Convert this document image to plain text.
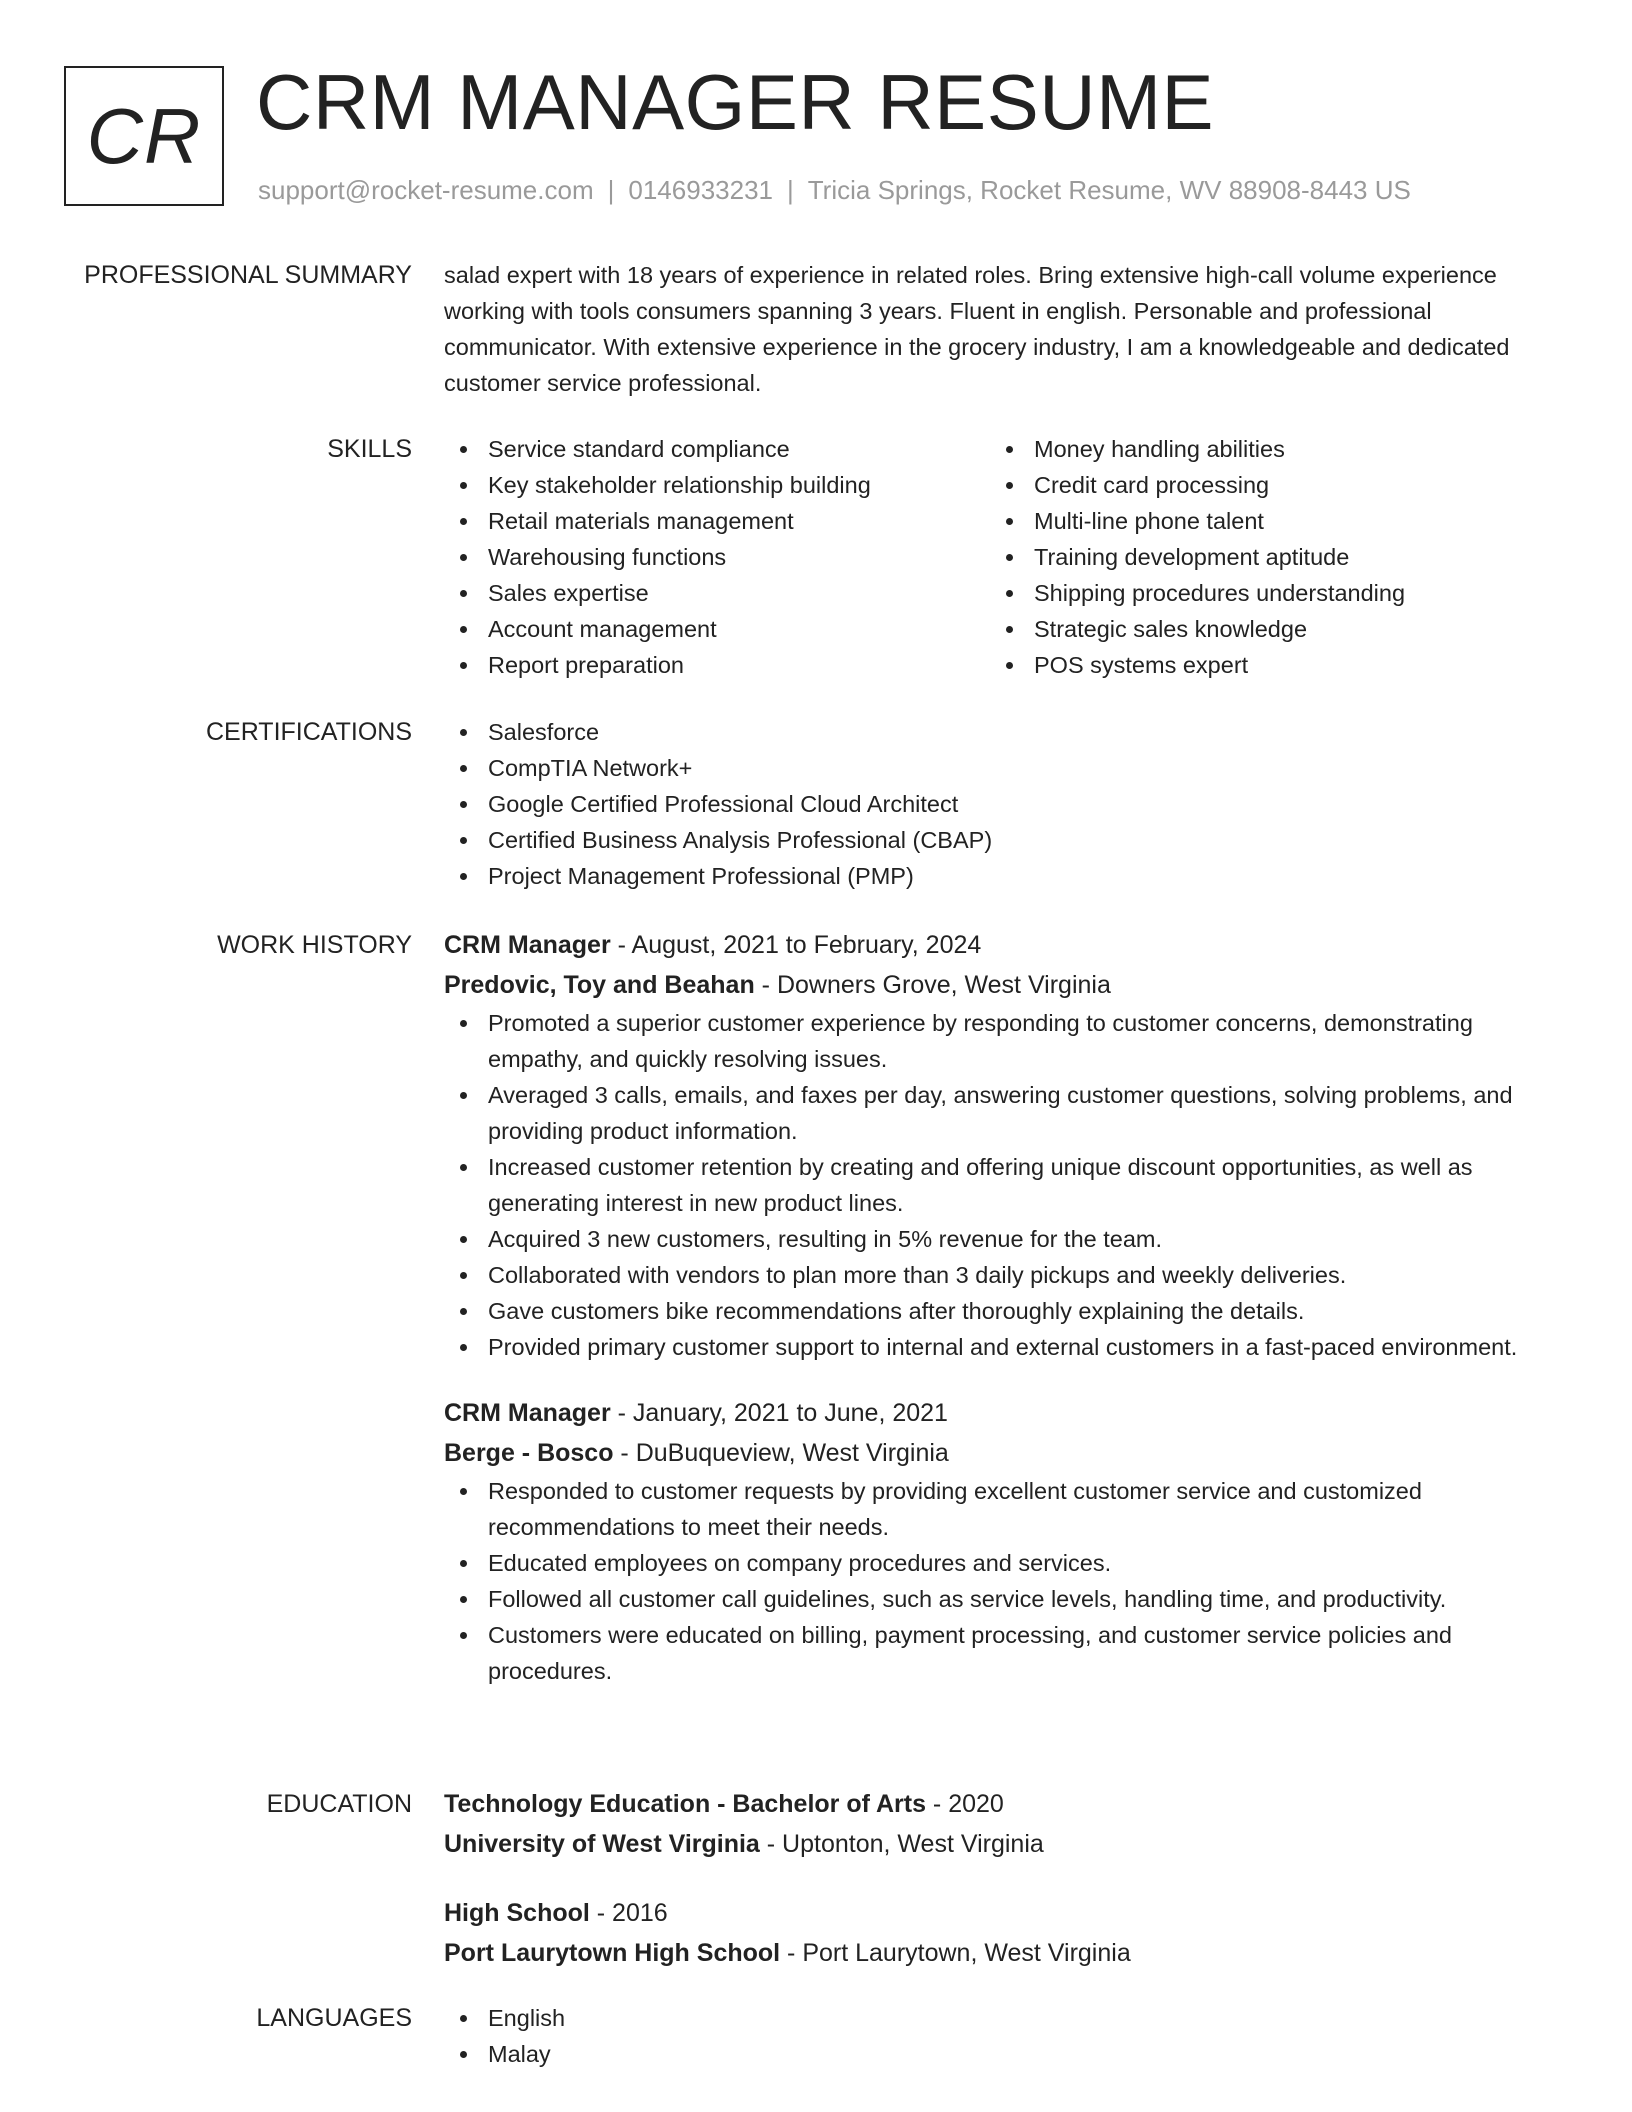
CR CRM MANAGER RESUME
support@rocket-resume.com | 0146933231 | Tricia Springs, Rocket Resume, WV 88908-8443 US
PROFESSIONAL SUMMARY salad expert with 18 years of experience in related roles. Bring extensive high-call volume experience working with tools consumers spanning 3 years. Fluent in english. Personable and professional communicator. With extensive experience in the grocery industry, I am a knowledgeable and dedicated customer service professional.

SKILLS	Service standard compliance
Key stakeholder relationship building
Retail materials management
Warehousing functions
Sales expertise
Account management
Report preparation
Money handling abilities
Credit card processing
Multi-line phone talent
Training development aptitude
Shipping procedures understanding
Strategic sales knowledge
POS systems expert
CERTIFICATIONS	Salesforce
CompTIA Network+
Google Certified Professional Cloud Architect
Certified Business Analysis Professional (CBAP)
Project Management Professional (PMP)
WORK HISTORY CRM Manager - August, 2021 to February, 2024
Predovic, Toy and Beahan - Downers Grove, West Virginia
Promoted a superior customer experience by responding to customer concerns, demonstrating empathy, and quickly resolving issues.
Averaged 3 calls, emails, and faxes per day, answering customer questions, solving problems, and providing product information.
Increased customer retention by creating and offering unique discount opportunities, as well as generating interest in new product lines.
Acquired 3 new customers, resulting in 5% revenue for the team.
Collaborated with vendors to plan more than 3 daily pickups and weekly deliveries.
Gave customers bike recommendations after thoroughly explaining the details.
Provided primary customer support to internal and external customers in a fast-paced environment.
CRM Manager - January, 2021 to June, 2021
Berge - Bosco - DuBuqueview, West Virginia
Responded to customer requests by providing excellent customer service and customized recommendations to meet their needs.
Educated employees on company procedures and services.
Followed all customer call guidelines, such as service levels, handling time, and productivity.
Customers were educated on billing, payment processing, and customer service policies and procedures.
EDUCATION Technology Education - Bachelor of Arts - 2020
University of West Virginia - Uptonton, West Virginia
High School - 2016
Port Laurytown High School - Port Laurytown, West Virginia
LANGUAGES	English
Malay
